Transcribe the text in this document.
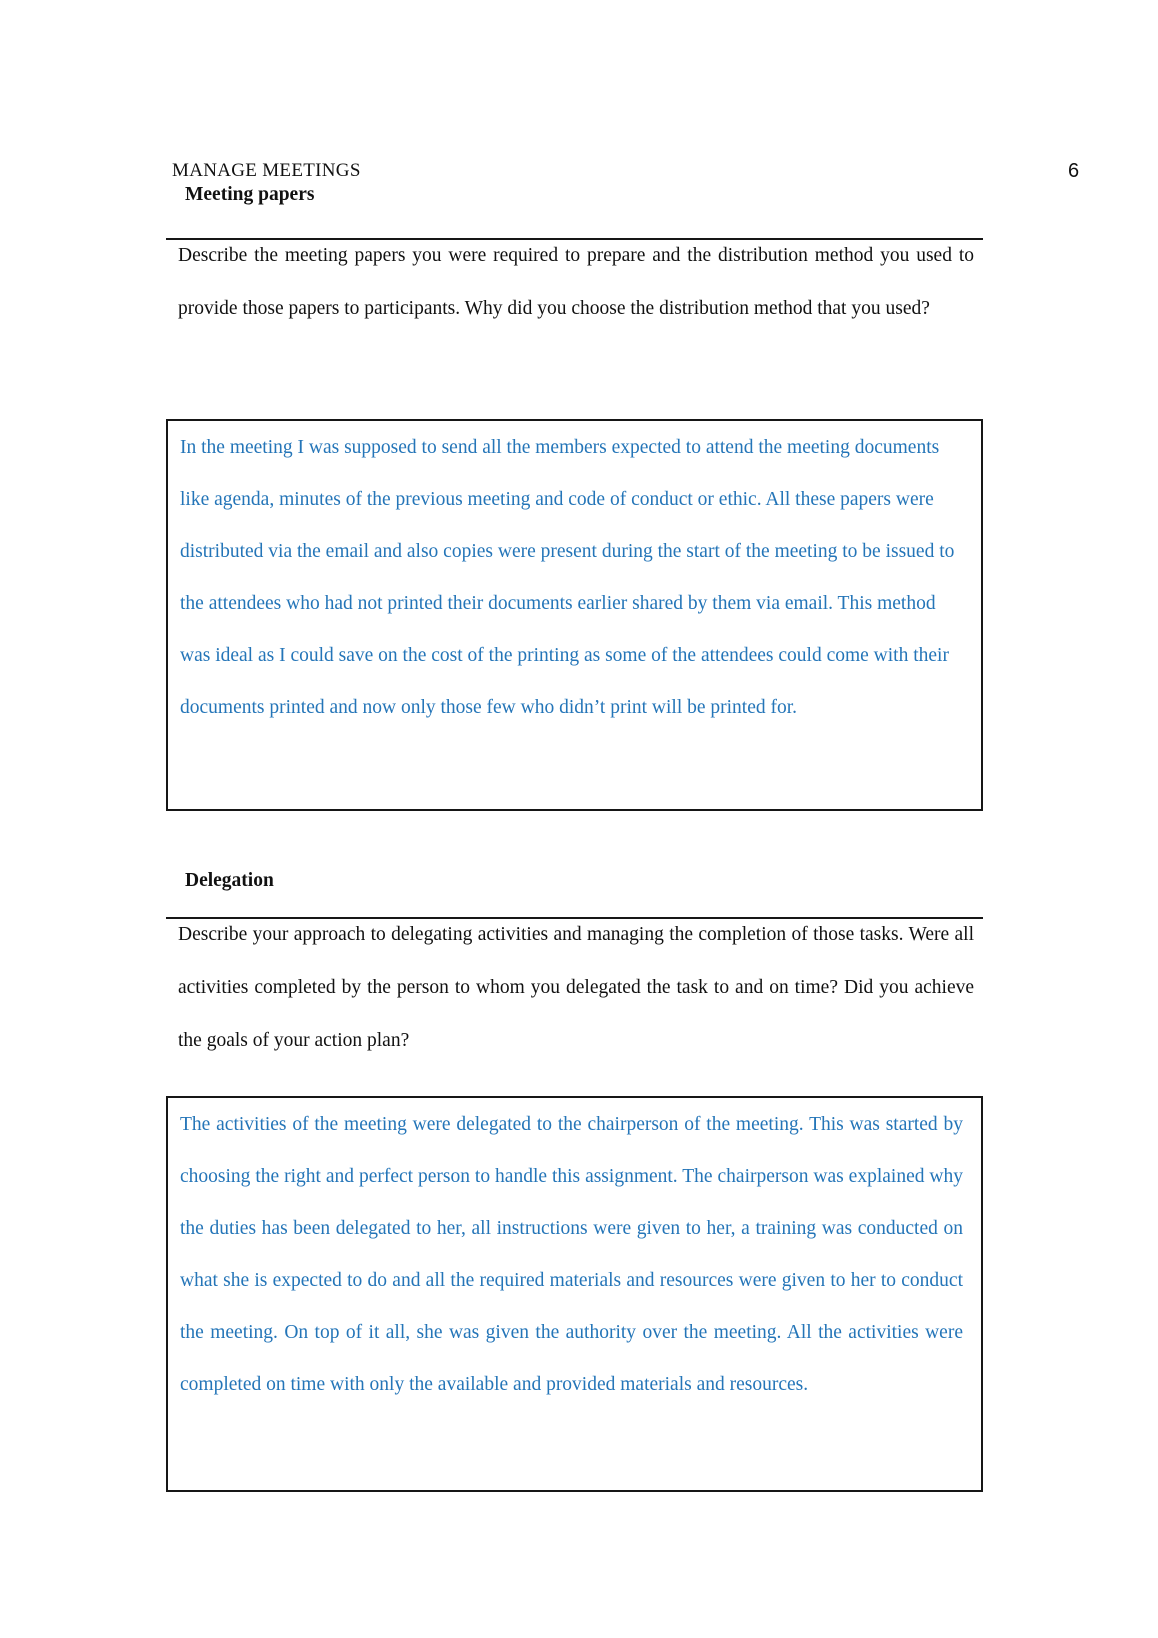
MANAGE MEETINGS	6
Meeting papers
Describe the meeting papers you were required to prepare and the distribution method you used to provide those papers to participants. Why did you choose the distribution method that you used?

In the meeting I was supposed to send all the members expected to attend the meeting documents like agenda, minutes of the previous meeting and code of conduct or ethic. All these papers were distributed via the email and also copies were present during the start of the meeting to be issued to the attendees who had not printed their documents earlier shared by them via email. This method was ideal as I could save on the cost of the printing as some of the attendees could come with their documents printed and now only those few who didn’t print will be printed for.

Delegation
Describe your approach to delegating activities and managing the completion of those tasks. Were all activities completed by the person to whom you delegated the task to and on time? Did you achieve the goals of your action plan?

The activities of the meeting were delegated to the chairperson of the meeting. This was started by choosing the right and perfect person to handle this assignment. The chairperson was explained why the duties has been delegated to her, all instructions were given to her, a training was conducted on what she is expected to do and all the required materials and resources were given to her to conduct the meeting. On top of it all, she was given the authority over the meeting. All the activities were completed on time with only the available and provided materials and resources.
